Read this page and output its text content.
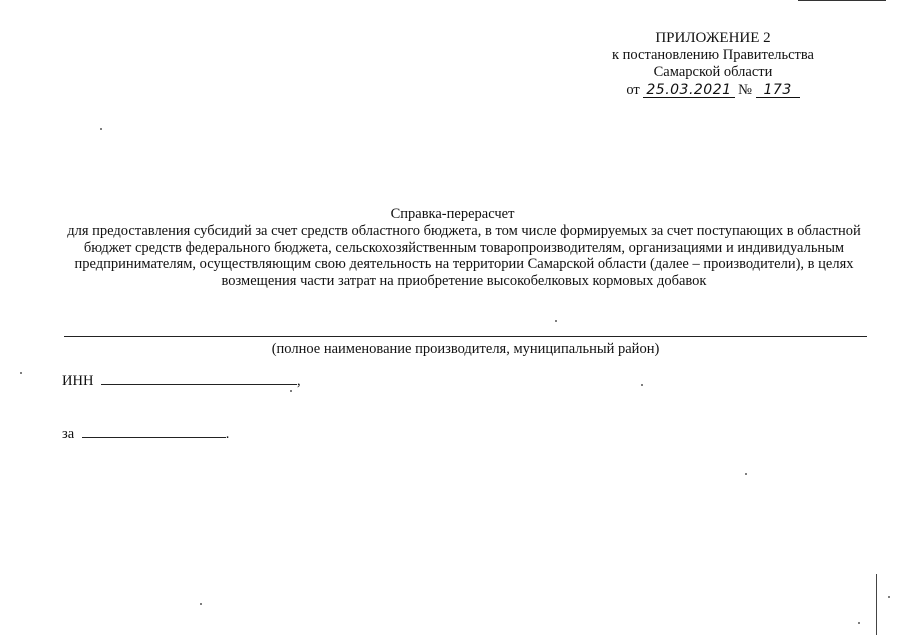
ПРИЛОЖЕНИЕ 2
к постановлению Правительства
Самарской области
от 25.03.2021 № 173
Справка-перерасчет
для предоставления субсидий за счет средств областного бюджета, в том числе формируемых за счет поступающих в областной бюджет средств федерального бюджета, сельскохозяйственным товаропроизводителям, организациями и индивидуальным предпринимателям, осуществляющим свою деятельность на территории Самарской области (далее – производители), в целях возмещения части затрат на приобретение высокобелковых кормовых добавок
(полное наименование производителя, муниципальный район)
ИНН	,
за	.
